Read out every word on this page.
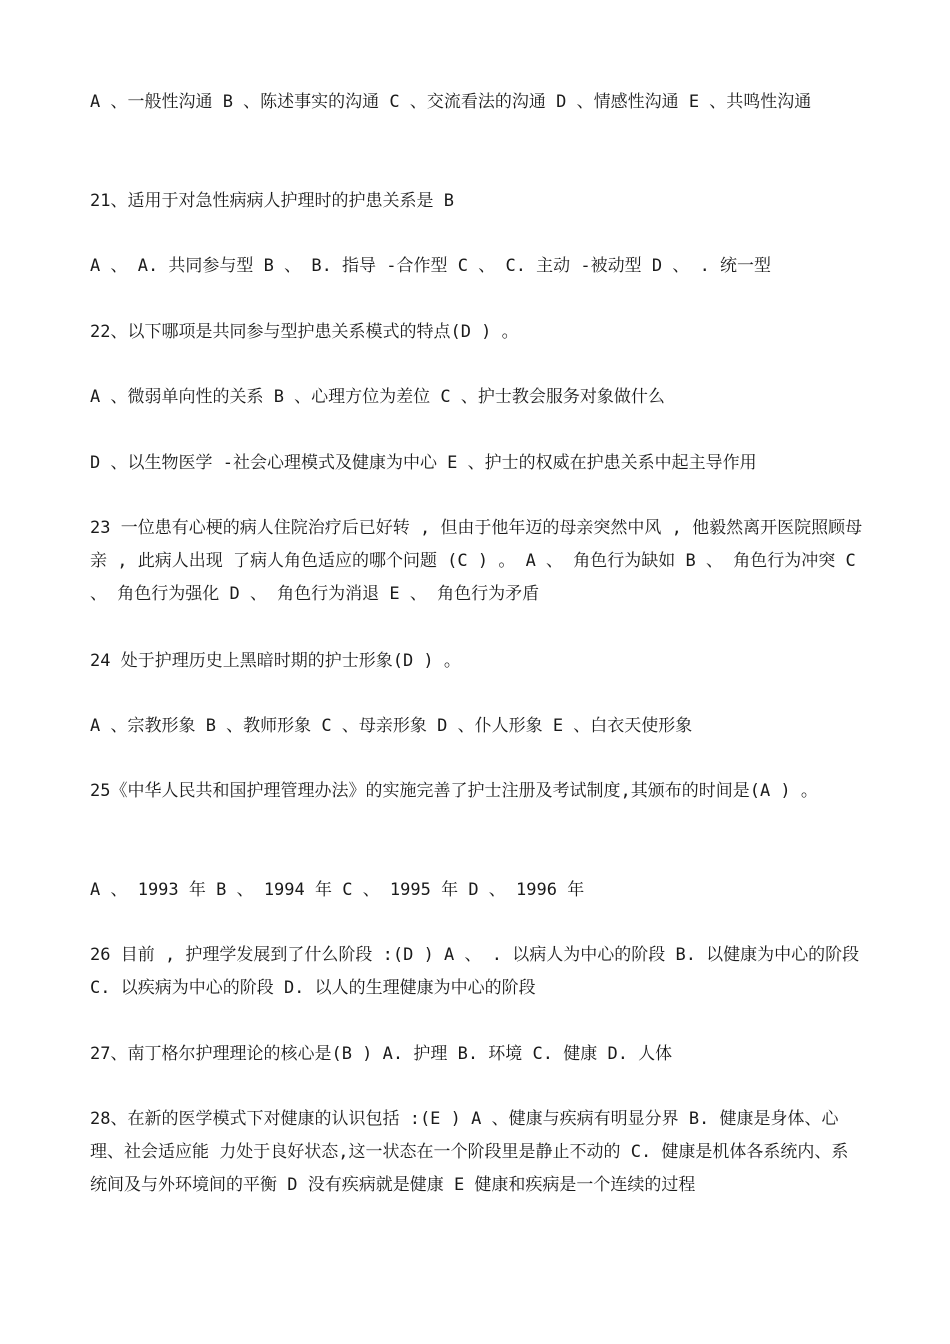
A 、一般性沟通 B 、陈述事实的沟通 C 、交流看法的沟通 D 、情感性沟通 E 、共鸣性沟通

21、适用于对急性病病人护理时的护患关系是 B

A 、 A. 共同参与型 B 、 B. 指导 -合作型 C 、 C. 主动 -被动型 D 、 . 统一型

22、以下哪项是共同参与型护患关系模式的特点(D ) 。

A 、微弱单向性的关系 B 、心理方位为差位 C 、护士教会服务对象做什么

D 、以生物医学 -社会心理模式及健康为中心 E 、护士的权威在护患关系中起主导作用

23 一位患有心梗的病人住院治疗后已好转 , 但由于他年迈的母亲突然中风 , 他毅然离开医院照顾母亲 , 此病人出现 了病人角色适应的哪个问题 (C ) 。 A 、 角色行为缺如 B 、 角色行为冲突 C 、 角色行为强化 D 、 角色行为消退 E 、 角色行为矛盾

24 处于护理历史上黑暗时期的护士形象(D ) 。

A 、宗教形象 B 、教师形象 C 、母亲形象 D 、仆人形象 E 、白衣天使形象

25《中华人民共和国护理管理办法》的实施完善了护士注册及考试制度,其颁布的时间是(A ) 。

A 、 1993 年 B 、 1994 年 C 、 1995 年 D 、 1996 年

26 目前 , 护理学发展到了什么阶段 :(D ) A 、 . 以病人为中心的阶段 B. 以健康为中心的阶段 C. 以疾病为中心的阶段 D. 以人的生理健康为中心的阶段

27、南丁格尔护理理论的核心是(B ) A. 护理 B. 环境 C. 健康 D. 人体

28、在新的医学模式下对健康的认识包括 :(E ) A 、健康与疾病有明显分界 B. 健康是身体、心理、社会适应能 力处于良好状态,这一状态在一个阶段里是静止不动的 C. 健康是机体各系统内、系统间及与外环境间的平衡 D 没有疾病就是健康 E 健康和疾病是一个连续的过程
